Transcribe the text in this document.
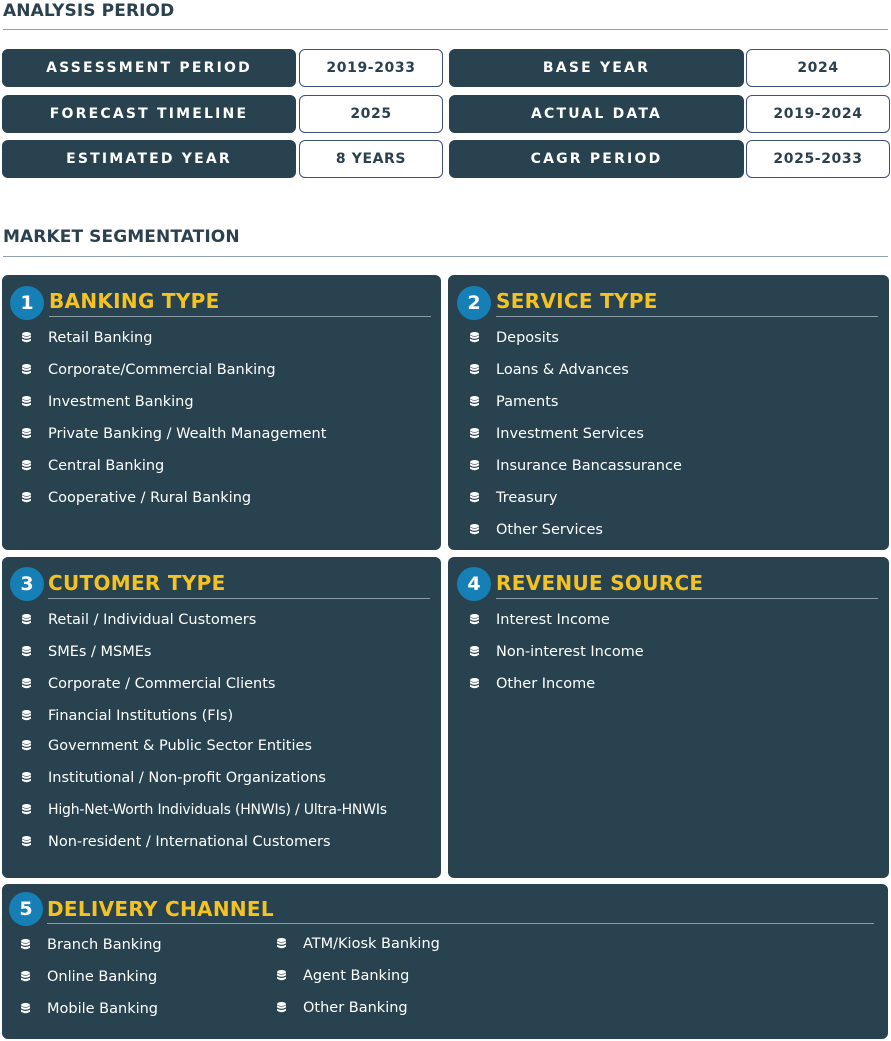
ANALYSIS PERIOD
ASSESSMENT PERIOD	2019-2033	BASE YEAR	2024
FORECAST TIMELINE	2025	ACTUAL DATA	2019-2024
ESTIMATED YEAR	8 YEARS	CAGR PERIOD	2025-2033
MARKET SEGMENTATION
1 BANKING TYPE
Retail Banking
Corporate/Commercial Banking
Investment Banking
Private Banking / Wealth Management
Central Banking
Cooperative / Rural Banking
2 SERVICE TYPE
Deposits
Loans & Advances
Paments
Investment Services
Insurance Bancassurance
Treasury
Other Services
3 CUTOMER TYPE
Retail / Individual Customers
SMEs / MSMEs
Corporate / Commercial Clients
Financial Institutions (FIs)
Government & Public Sector Entities
Institutional / Non-profit Organizations
High-Net-Worth Individuals (HNWIs) / Ultra-HNWIs
Non-resident / International Customers
4 REVENUE SOURCE
Interest Income
Non-interest Income
Other Income
5 DELIVERY CHANNEL
Branch Banking
Online Banking
Mobile Banking
ATM/Kiosk Banking
Agent Banking
Other Banking
